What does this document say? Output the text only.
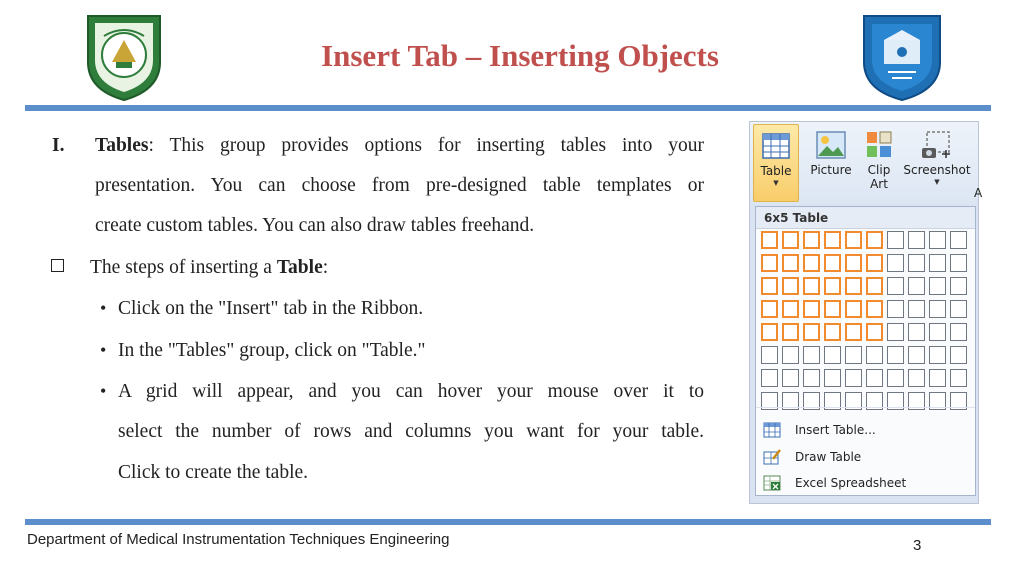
Insert Tab – Inserting Objects
I. Tables: This group provides options for inserting tables into your
presentation. You can choose from pre-designed table templates or
create custom tables. You can also draw tables freehand.
The steps of inserting a Table:
• Click on the "Insert" tab in the Ribbon.
• In the "Tables" group, click on "Table."
• A grid will appear, and you can hover your mouse over it to
select the number of rows and columns you want for your table.
Click to create the table.
Table
▼
Picture	Clip
Art
Screenshot
▼
A
6x5 Table
Insert Table...
Draw Table
Excel Spreadsheet
Department of Medical Instrumentation Techniques Engineering	3
